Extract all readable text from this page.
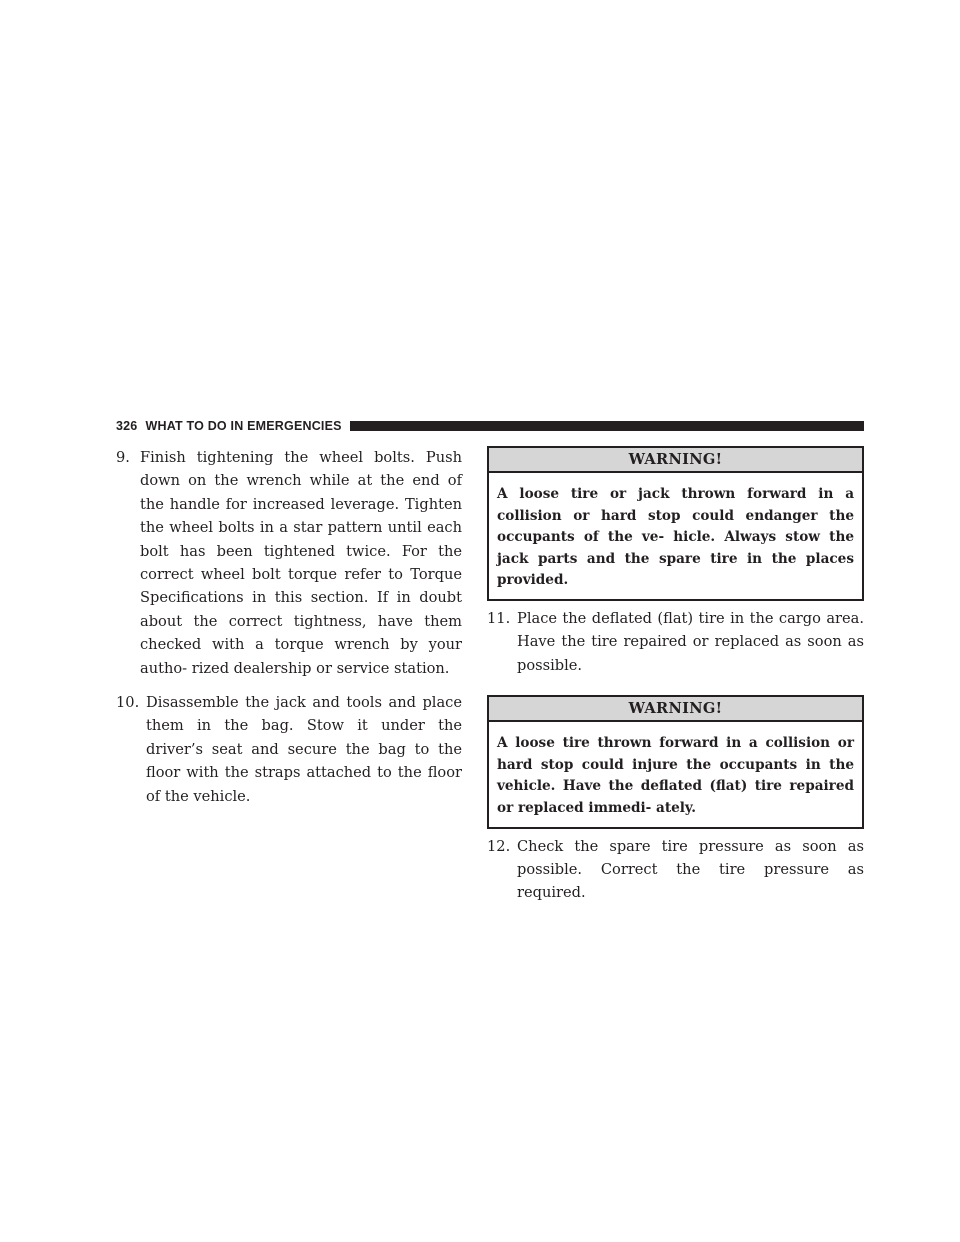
326 WHAT TO DO IN EMERGENCIES
9. Finish tightening the wheel bolts. Push down on the wrench while at the end of the handle for increased leverage. Tighten the wheel bolts in a star pattern until each bolt has been tightened twice. For the correct wheel bolt torque refer to Torque Specifications in this section. If in doubt about the correct tightness, have them checked with a torque wrench by your autho- rized dealership or service station.
10. Disassemble the jack and tools and place them in the bag. Stow it under the driver’s seat and secure the bag to the floor with the straps attached to the floor of the vehicle.
WARNING!
A loose tire or jack thrown forward in a collision or hard stop could endanger the occupants of the ve- hicle. Always stow the jack parts and the spare tire in the places provided.
11. Place the deflated (flat) tire in the cargo area. Have the tire repaired or replaced as soon as possible.
WARNING!
A loose tire thrown forward in a collision or hard stop could injure the occupants in the vehicle. Have the deflated (flat) tire repaired or replaced immedi- ately.
12. Check the spare tire pressure as soon as possible. Correct the tire pressure as required.
